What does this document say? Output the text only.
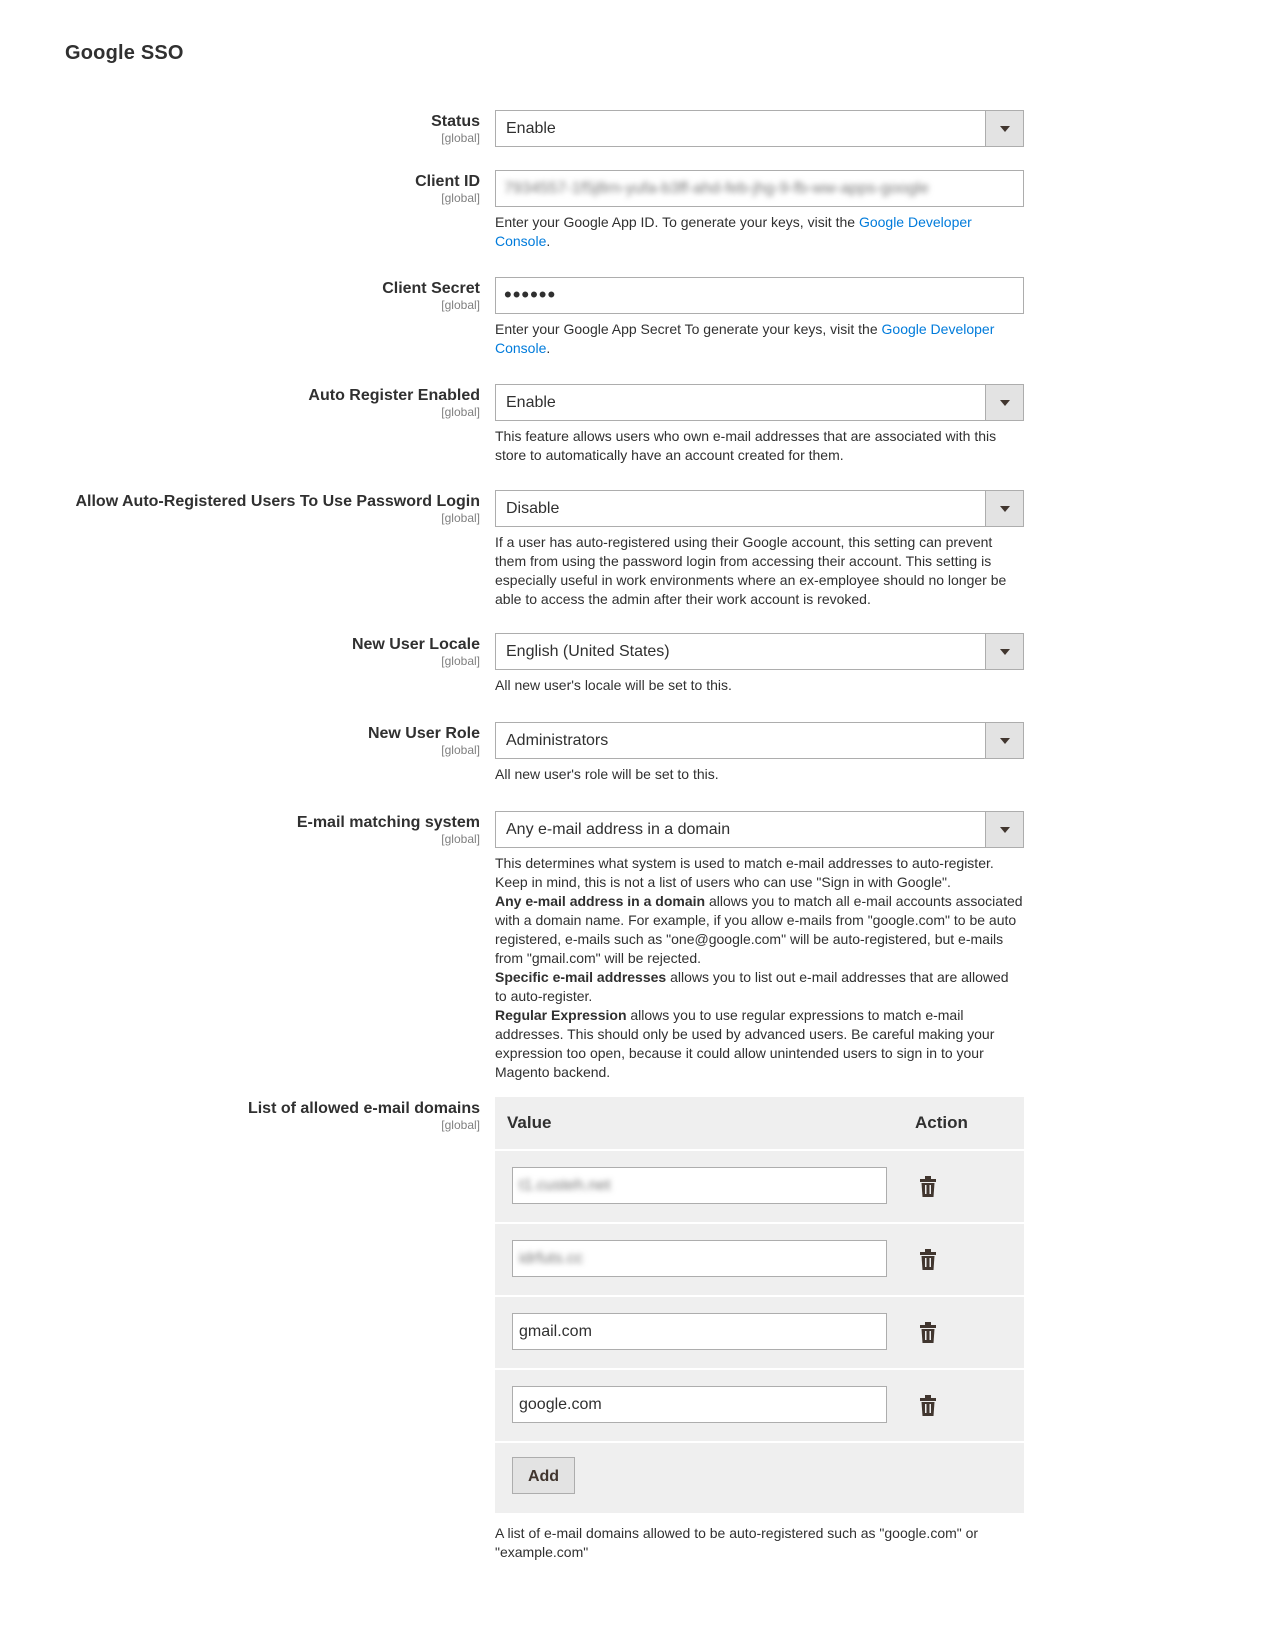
Google SSO
Status
[global]
Enable
Client ID
[global]
7934557-1f5j8rn-yufa-b3ff-ahd-feb-jhg-9-fb-ww-apps-google
Enter your Google App ID. To generate your keys, visit the Google Developer Console.
Client Secret
[global]	••••••
Enter your Google App Secret To generate your keys, visit the Google Developer Console.
Auto Register Enabled
[global]
Enable
This feature allows users who own e-mail addresses that are associated with this store to automatically have an account created for them.
Allow Auto-Registered Users To Use Password Login
[global]
Disable
If a user has auto-registered using their Google account, this setting can prevent them from using the password login from accessing their account. This setting is especially useful in work environments where an ex-employee should no longer be able to access the admin after their work account is revoked.
New User Locale
[global]
English (United States)
All new user's locale will be set to this.
New User Role
[global]
Administrators
All new user's role will be set to this.
E-mail matching system
[global]
Any e-mail address in a domain
This determines what system is used to match e-mail addresses to auto-register. Keep in mind, this is not a list of users who can use "Sign in with Google".
Any e-mail address in a domain allows you to match all e-mail accounts associated with a domain name. For example, if you allow e-mails from "google.com" to be auto registered, e-mails such as "one@google.com" will be auto-registered, but e-mails from "gmail.com" will be rejected.
Specific e-mail addresses allows you to list out e-mail addresses that are allowed to auto-register.
Regular Expression allows you to use regular expressions to match e-mail addresses. This should only be used by advanced users. Be careful making your expression too open, because it could allow unintended users to sign in to your Magento backend.
List of allowed e-mail domains
[global] Value	Action
t1.custeh.net
idrfuts.cc
gmail.com
google.com
Add
A list of e-mail domains allowed to be auto-registered such as "google.com" or "example.com"
